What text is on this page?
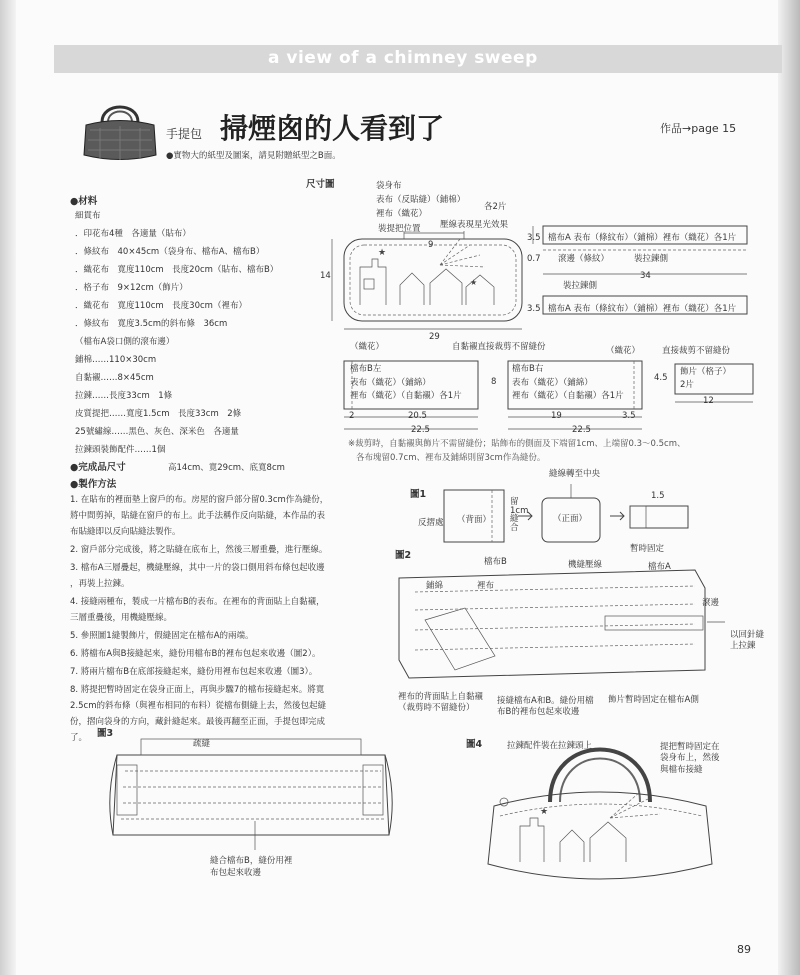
a view of a chimney sweep
手提包 掃煙囪的人看到了	作品→page 15
●實物大的紙型及圖案，請見附贈紙型之B面。
●材料
細貫布
．印花布4種　各適量（貼布）
．條紋布　40×45cm（袋身布、檔布A、檔布B）
．織花布　寬度110cm　長度20cm（貼布、檔布B）
．格子布　9×12cm（飾片）
．織花布　寬度110cm　長度30cm（裡布）
．條紋布　寬度3.5cm的斜布條　36cm
（檔布A袋口側的滾布邊）
鋪棉……110×30cm
自黏襯……8×45cm
拉鍊……長度33cm　1條
皮質提把……寬度1.5cm　長度33cm　2條
25號繡線……黑色、灰色、深米色　各適量
拉鍊頭裝飾配件……1個
●完成品尺寸	高14cm、寬29cm、底寬8cm
●製作方法
1. 在貼布的裡面墊上窗戶的布。房屋的窗戶部分留0.3cm作為縫份，
將中間剪掉，貼縫在窗戶的布上。此手法稱作反向貼縫，本作品的表
布貼縫即以反向貼縫法製作。
2. 窗戶部分完成後，將之貼縫在底布上，然後三層重疊，進行壓線。
3. 檔布A三層疊起，機縫壓線，其中一片的袋口側用斜布條包起收邊
，再裝上拉鍊。
4. 接縫兩種布，製成一片檔布B的表布。在裡布的背面貼上自黏襯，
三層重疊後，用機縫壓線。
5. 參照圖1縫製飾片，假縫固定在檔布A的兩端。
6. 將檔布A與B接縫起來，縫份用檔布B的裡布包起來收邊（圖2）。
7. 將兩片檔布B在底部接縫起來，縫份用裡布包起來收邊（圖3）。
8. 將提把暫時固定在袋身正面上，再與步驟7的檔布接縫起來。將寬
2.5cm的斜布條（與裡布相同的布料）從檔布側縫上去，然後包起縫
份，摺向袋身的方向，藏針縫起來。最後再翻至正面，手提包即完成
了。
尺寸圖	袋身布
表布（反貼縫）（鋪棉）
裡布（織花）
各2片
裝提把位置 壓線表現星光效果
★
★
9
14
29
3.5 檔布A 表布（條紋布）（鋪棉）裡布（織花）各1片
0.7 滾邊（條紋）	裝拉鍊側
34
裝拉鍊側
3.5 檔布A 表布（條紋布）（鋪棉）裡布（織花）各1片
（織花）	自黏襯直接裁剪不留縫份	（織花）	直接裁剪不留縫份
檔布B左
表布（織花）（鋪綿）
裡布（織花）（自黏襯）各1片
檔布B右
表布（織花）（鋪綿）
裡布（織花）（自黏襯）各1片
8
2	20.5	19	3.5
22.5	22.5
飾片（格子）
2片
4.5
12
※裁剪時，自黏襯與飾片不需留縫份；貼飾布的側面及下端留1cm、上端留0.3～0.5cm、
各布塊留0.7cm、裡布及鋪綿則留3cm作為縫份。
圖1
反摺處 （背面）
留1cm縫合
縫線轉至中央
（正面）
1.5
暫時固定
圖2
檔布B	機縫壓線	檔布A
鋪綿	裡布
滾邊
以回針縫上拉鍊
裡布的背面貼上自黏襯（裁剪時不留縫份）
接縫檔布A和B。縫份用檔布B的裡布包起來收邊
飾片暫時固定在檔布A側
圖3
疏縫
縫合檔布B，縫份用裡布包起來收邊
圖4
★
拉鍊配件裝在拉鍊頭上	提把暫時固定在袋身布上，然後與檔布接縫
89
